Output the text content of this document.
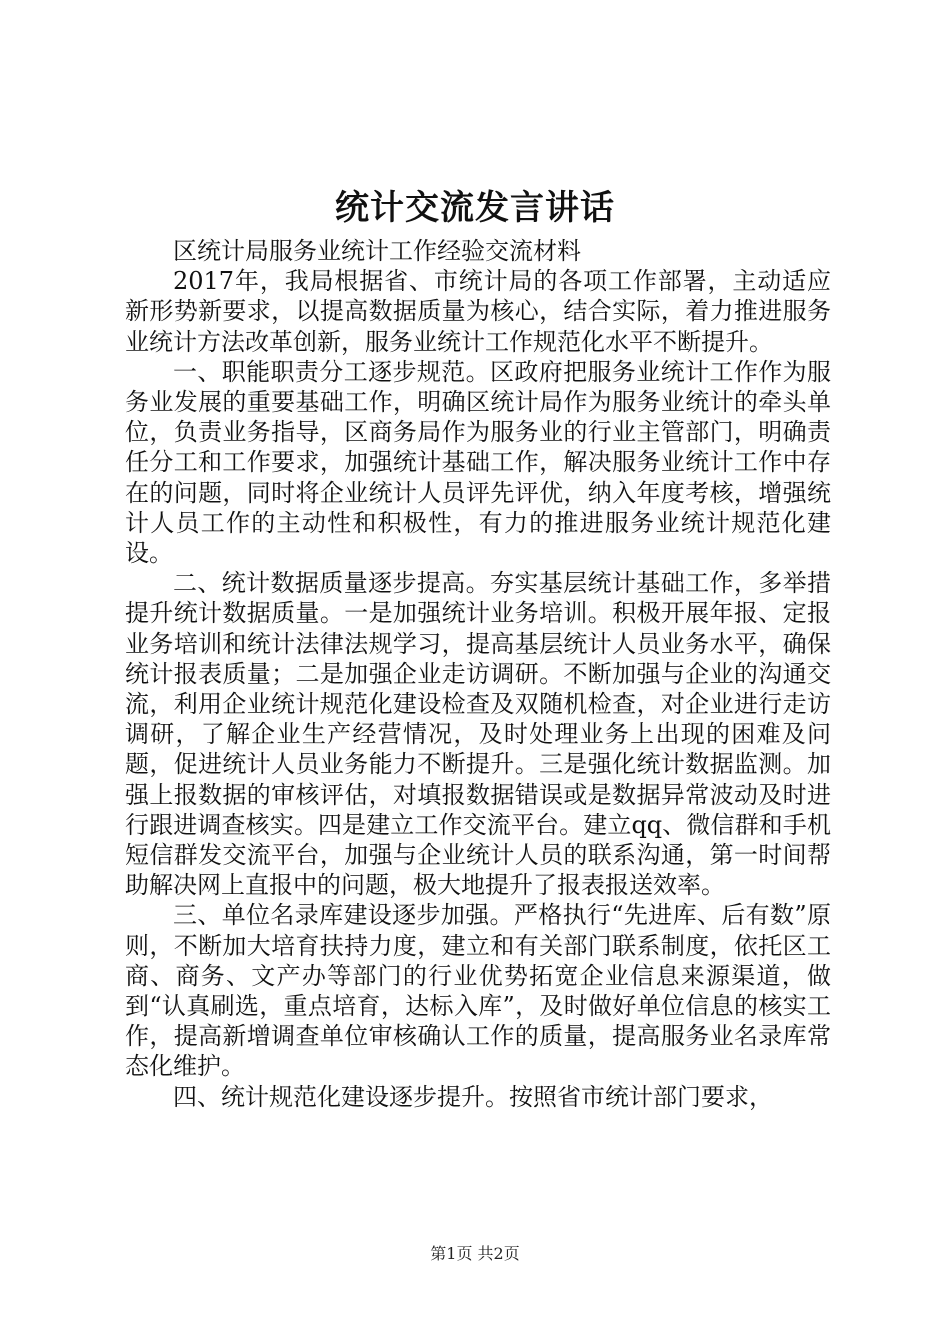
统计交流发言讲话

区统计局服务业统计工作经验交流材料

2017年，我局根据省、市统计局的各项工作部署，主动适应新形势新要求，以提高数据质量为核心，结合实际，着力推进服务业统计方法改革创新，服务业统计工作规范化水平不断提升。

一、职能职责分工逐步规范。区政府把服务业统计工作作为服务业发展的重要基础工作，明确区统计局作为服务业统计的牵头单位，负责业务指导，区商务局作为服务业的行业主管部门，明确责任分工和工作要求，加强统计基础工作，解决服务业统计工作中存在的问题，同时将企业统计人员评先评优，纳入年度考核，增强统计人员工作的主动性和积极性，有力的推进服务业统计规范化建设。

二、统计数据质量逐步提高。夯实基层统计基础工作，多举措提升统计数据质量。一是加强统计业务培训。积极开展年报、定报业务培训和统计法律法规学习，提高基层统计人员业务水平，确保统计报表质量；二是加强企业走访调研。不断加强与企业的沟通交流，利用企业统计规范化建设检查及双随机检查，对企业进行走访调研，了解企业生产经营情况，及时处理业务上出现的困难及问题，促进统计人员业务能力不断提升。三是强化统计数据监测。加强上报数据的审核评估，对填报数据错误或是数据异常波动及时进行跟进调查核实。四是建立工作交流平台。建立qq、微信群和手机短信群发交流平台，加强与企业统计人员的联系沟通，第一时间帮助解决网上直报中的问题，极大地提升了报表报送效率。

三、单位名录库建设逐步加强。严格执行“先进库、后有数”原则，不断加大培育扶持力度，建立和有关部门联系制度，依托区工商、商务、文产办等部门的行业优势拓宽企业信息来源渠道，做到“认真刷选，重点培育，达标入库”，及时做好单位信息的核实工作，提高新增调查单位审核确认工作的质量，提高服务业名录库常态化维护。

四、统计规范化建设逐步提升。按照省市统计部门要求，

第1页 共2页
